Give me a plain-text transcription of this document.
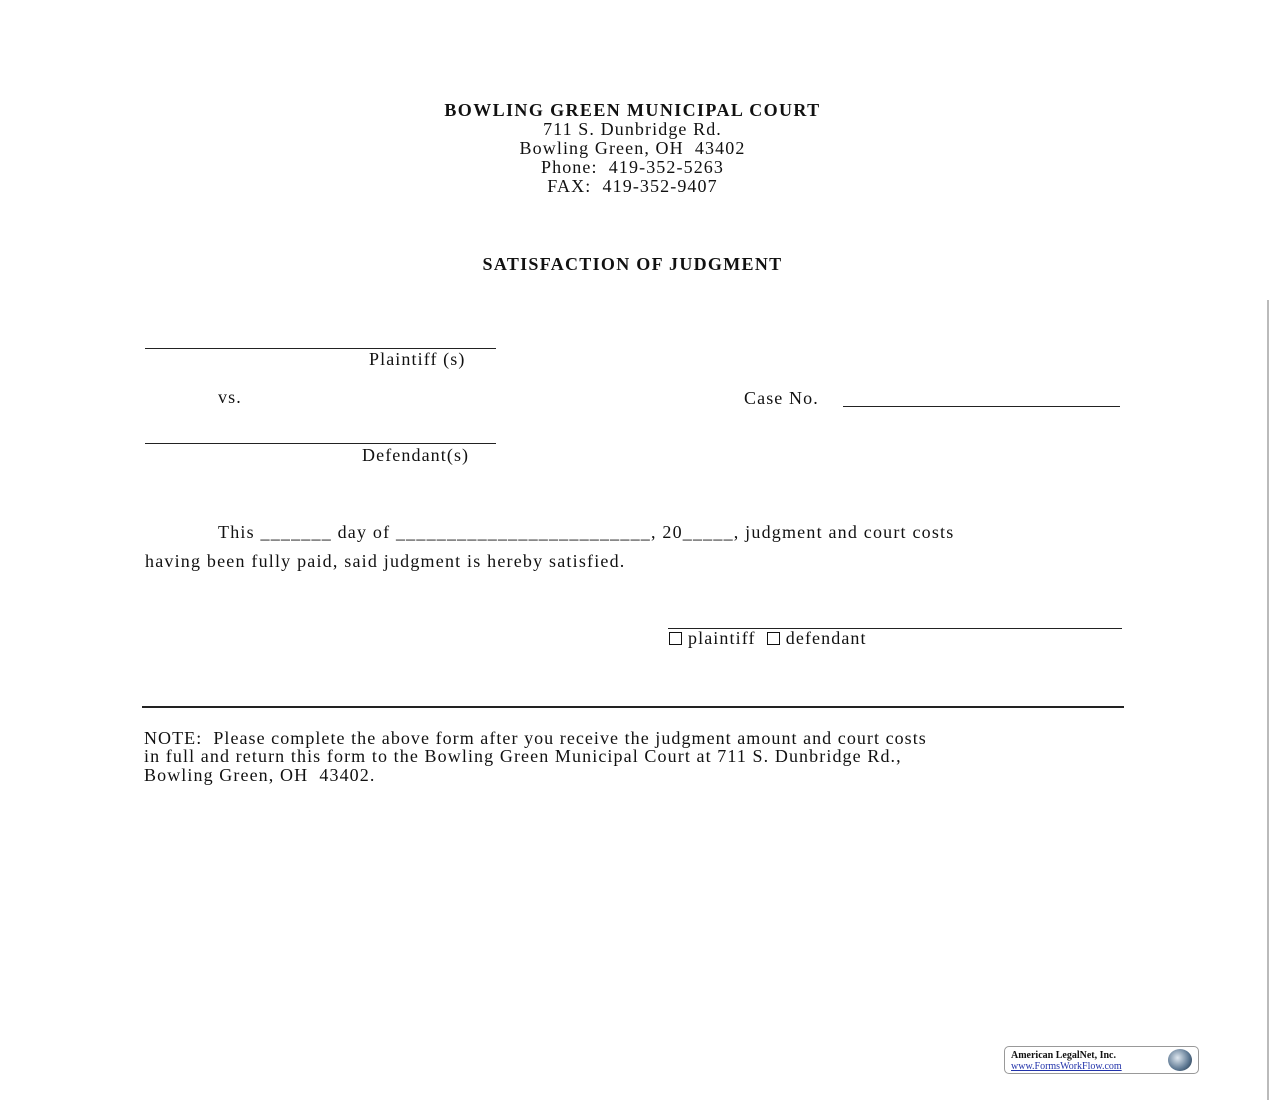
BOWLING GREEN MUNICIPAL COURT
711 S. Dunbridge Rd.
Bowling Green, OH  43402
Phone:  419-352-5263
FAX:  419-352-9407
SATISFACTION OF JUDGMENT
Plaintiff (s)
vs.	Case No.
Defendant(s)
This _______ day of _________________________, 20_____, judgment and court costs
having been fully paid, said judgment is hereby satisfied.
plaintiff defendant
NOTE:  Please complete the above form after you receive the judgment amount and court costs
in full and return this form to the Bowling Green Municipal Court at 711 S. Dunbridge Rd.,
Bowling Green, OH  43402.
American LegalNet, Inc.
www.FormsWorkFlow.com
